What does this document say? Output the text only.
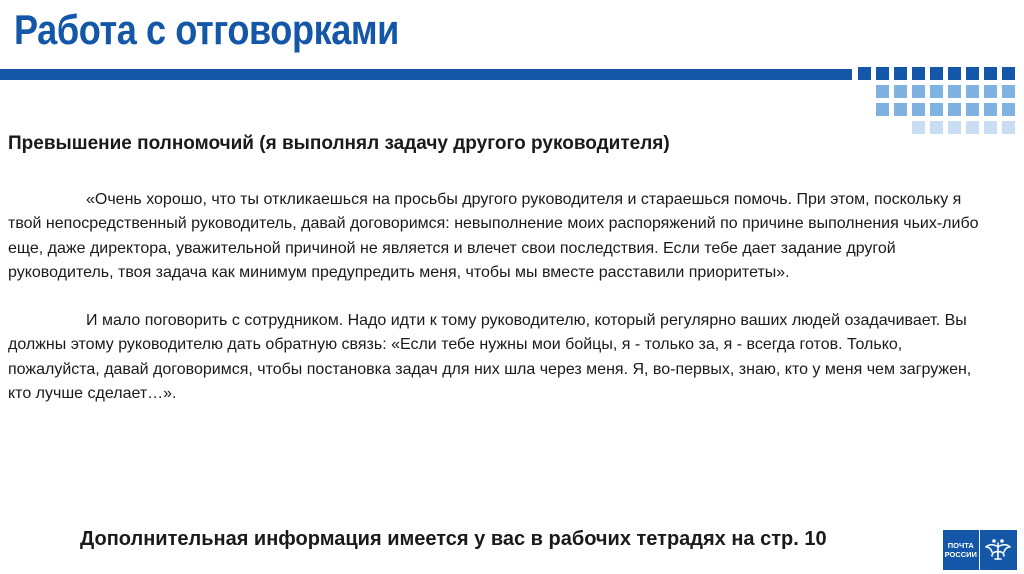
Работа с отговорками
Превышение полномочий (я выполнял задачу другого руководителя)

«Очень хорошо, что ты откликаешься на просьбы другого руководителя и стараешься помочь. При этом, поскольку я твой непосредственный руководитель, давай договоримся: невыполнение моих распоряжений по причине выполнения чьих-либо еще, даже директора, уважительной причиной не является и влечет свои последствия. Если тебе дает задание другой руководитель, твоя задача как минимум предупредить меня, чтобы мы вместе расставили приоритеты».

И мало поговорить с сотрудником. Надо идти к тому руководителю, который регулярно ваших людей озадачивает. Вы должны этому руководителю дать обратную связь: «Если тебе нужны мои бойцы, я - только за, я - всегда готов. Только, пожалуйста, давай договоримся, чтобы постановка задач для них шла через меня. Я, во-первых, знаю, кто у меня чем загружен, кто лучше сделает…».

Дополнительная информация имеется у вас в рабочих тетрадях на стр. 10	ПОЧТА
РОССИИ
